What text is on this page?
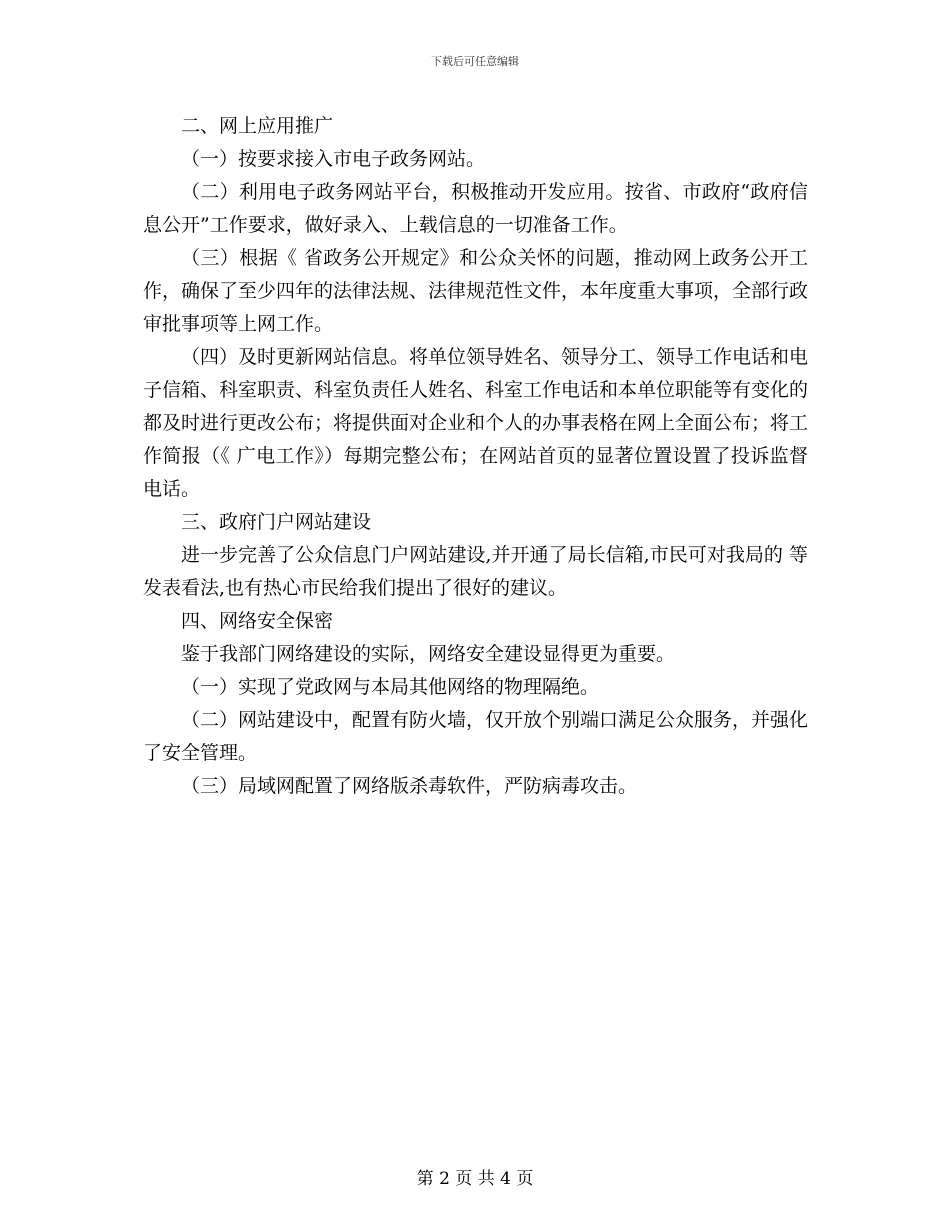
下载后可任意编辑

二、网上应用推广

（一）按要求接入市电子政务网站。

（二）利用电子政务网站平台，积极推动开发应用。按省、市政府“政府信息公开”工作要求，做好录入、上载信息的一切准备工作。

（三）根据《 省政务公开规定》和公众关怀的问题，推动网上政务公开工作，确保了至少四年的法律法规、法律规范性文件，本年度重大事项，全部行政审批事项等上网工作。

（四）及时更新网站信息。将单位领导姓名、领导分工、领导工作电话和电子信箱、科室职责、科室负责任人姓名、科室工作电话和本单位职能等有变化的都及时进行更改公布；将提供面对企业和个人的办事表格在网上全面公布；将工作简报（《 广电工作》）每期完整公布；在网站首页的显著位置设置了投诉监督电话。

三、政府门户网站建设

进一步完善了公众信息门户网站建设,并开通了局长信箱,市民可对我局的 等发表看法,也有热心市民给我们提出了很好的建议。

四、网络安全保密

鉴于我部门网络建设的实际，网络安全建设显得更为重要。

（一）实现了党政网与本局其他网络的物理隔绝。

（二）网站建设中，配置有防火墙，仅开放个别端口满足公众服务，并强化了安全管理。

（三）局域网配置了网络版杀毒软件，严防病毒攻击。

第 2 页 共 4 页
